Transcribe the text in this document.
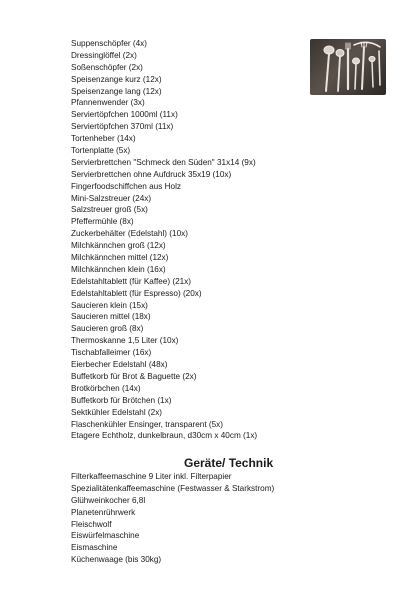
Suppenschöpfer (4x)
Dressinglöffel (2x)
Soßenschöpfer (2x)
Speisenzange kurz (12x)
Speisenzange lang (12x)
Pfannenwender (3x)
Serviertöpfchen 1000ml (11x)
Serviertöpfchen 370ml (11x)
Tortenheber (14x)
Tortenplatte (5x)
Servierbrettchen "Schmeck den Süden" 31x14 (9x)
Servierbrettchen ohne Aufdruck 35x19 (10x)
Fingerfoodschiffchen aus Holz
Mini-Salzstreuer (24x)
Salzstreuer groß (5x)
Pfeffermühle (8x)
Zuckerbehälter (Edelstahl) (10x)
Milchkännchen groß (12x)
Milchkännchen mittel (12x)
Milchkännchen klein (16x)
Edelstahltablett (für Kaffee) (21x)
Edelstahltablett (für Espresso) (20x)
Saucieren klein (15x)
Saucieren mittel (18x)
Saucieren groß (8x)
Thermoskanne 1,5 Liter (10x)
Tischabfalleimer (16x)
Eierbecher Edelstahl (48x)
Buffetkorb für Brot & Baguette (2x)
Brotkörbchen (14x)
Buffetkorb für Brötchen (1x)
Sektkühler Edelstahl (2x)
Flaschenkühler Ensinger, transparent (5x)
Etagere Echtholz, dunkelbraun, d30cm x 40cm (1x)
Geräte/ Technik
Filterkaffeemaschine 9 Liter inkl. Filterpapier
Spezialitätenkaffeemaschine (Festwasser & Starkstrom)
Glühweinkocher 6,8l
Planetenrührwerk
Fleischwolf
Eiswürfelmaschine
Eismaschine
Küchenwaage (bis 30kg)
